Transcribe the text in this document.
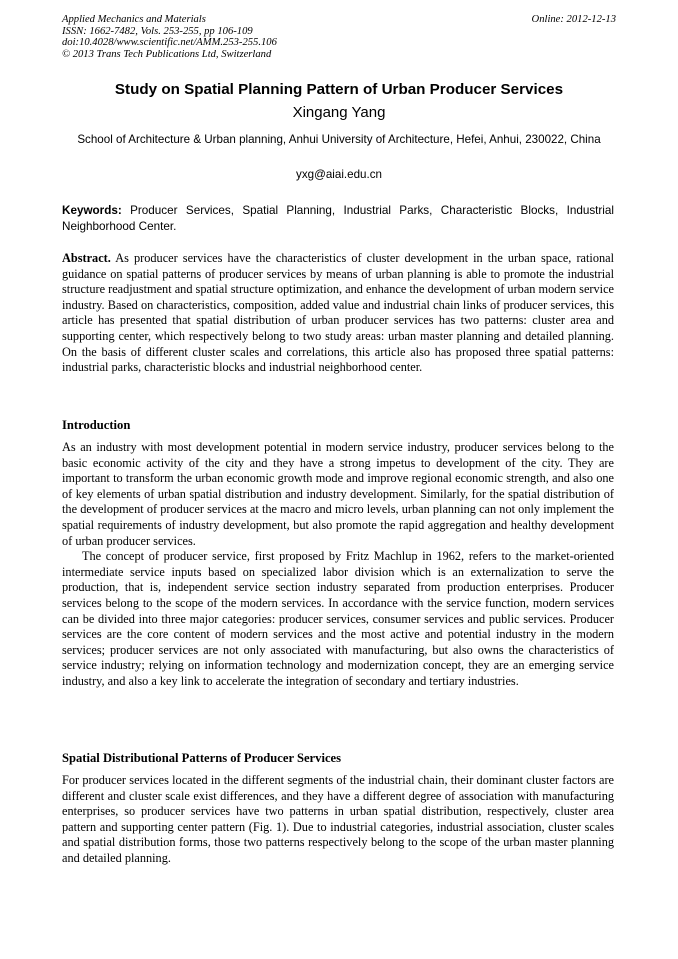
Applied Mechanics and Materials
ISSN: 1662-7482, Vols. 253-255, pp 106-109
doi:10.4028/www.scientific.net/AMM.253-255.106
© 2013 Trans Tech Publications Ltd, Switzerland
Online: 2012-12-13
Study on Spatial Planning Pattern of Urban Producer Services
Xingang Yang
School of Architecture & Urban planning, Anhui University of Architecture, Hefei, Anhui, 230022, China
yxg@aiai.edu.cn
Keywords: Producer Services, Spatial Planning, Industrial Parks, Characteristic Blocks, Industrial Neighborhood Center.

Abstract. As producer services have the characteristics of cluster development in the urban space, rational guidance on spatial patterns of producer services by means of urban planning is able to promote the industrial structure readjustment and spatial structure optimization, and enhance the development of urban modern service industry. Based on characteristics, composition, added value and industrial chain links of producer services, this article has presented that spatial distribution of urban producer services has two patterns: cluster area and supporting center, which respectively belong to two study areas: urban master planning and detailed planning. On the basis of different cluster scales and correlations, this article also has proposed three spatial patterns: industrial parks, characteristic blocks and industrial neighborhood center.

Introduction

As an industry with most development potential in modern service industry, producer services belong to the basic economic activity of the city and they have a strong impetus to development of the city. They are important to transform the urban economic growth mode and improve regional economic strength, and also one of key elements of urban spatial distribution and industry development. Similarly, for the spatial distribution of the development of producer services at the macro and micro levels, urban planning can not only implement the spatial requirements of industry development, but also promote the rapid aggregation and healthy development of urban producer services.

The concept of producer service, first proposed by Fritz Machlup in 1962, refers to the market-oriented intermediate service inputs based on specialized labor division which is an externalization to serve the production, that is, independent service section industry separated from production enterprises. Producer services belong to the scope of the modern services. In accordance with the service function, modern services can be divided into three major categories: producer services, consumer services and public services. Producer services are the core content of modern services and the most active and potential industry in the modern services; producer services are not only associated with manufacturing, but also owns the characteristics of service industry; relying on information technology and modernization concept, they are an emerging service industry, and also a key link to accelerate the integration of secondary and tertiary industries.

Spatial Distributional Patterns of Producer Services

For producer services located in the different segments of the industrial chain, their dominant cluster factors are different and cluster scale exist differences, and they have a different degree of association with manufacturing enterprises, so producer services have two patterns in urban spatial distribution, respectively, cluster area pattern and supporting center pattern (Fig. 1). Due to industrial categories, industrial association, cluster scales and spatial distribution forms, those two patterns respectively belong to the scope of the urban master planning and detailed planning.
